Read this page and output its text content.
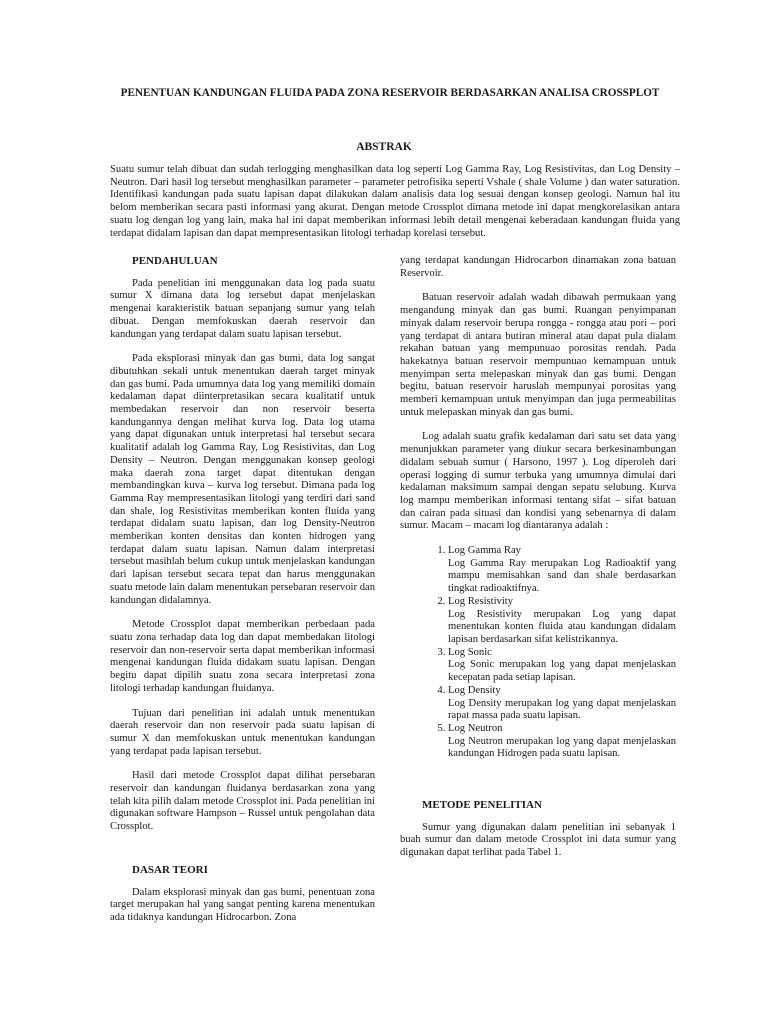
PENENTUAN KANDUNGAN FLUIDA PADA ZONA RESERVOIR BERDASARKAN ANALISA CROSSPLOT
ABSTRAK

Suatu sumur telah dibuat dan sudah terlogging menghasilkan data log seperti Log Gamma Ray, Log Resistivitas, dan Log Density – Neutron. Dari hasil log tersebut menghasilkan parameter – parameter petrofisika seperti Vshale ( shale Volume ) dan water saturation. Identifikasi kandungan pada suatu lapisan dapat dilakukan dalam analisis data log sesuai dengan konsep geologi. Namun hal itu belom memberikan secara pasti informasi yang akurat. Dengan metode Crossplot dimana metode ini dapat mengkorelasikan antara suatu log dengan log yang lain, maka hal ini dapat memberikan informasi lebih detail mengenai keberadaan kandungan fluida yang terdapat didalam lapisan dan dapat mempresentasikan litologi terhadap korelasi tersebut.

PENDAHULUAN

Pada penelitian ini menggunakan data log pada suatu sumur X dimana data log tersebut dapat menjelaskan mengenai karakteristik batuan sepanjang sumur yang telah dibuat. Dengan memfokuskan daerah reservoir dan kandungan yang terdapat dalam suatu lapisan tersebut.

Pada eksplorasi minyak dan gas bumi, data log sangat dibutuhkan sekali untuk menentukan daerah target minyak dan gas bumi. Pada umumnya data log yang memiliki domain kedalaman dapat diinterpretasikan secara kualitatif untuk membedakan reservoir dan non reservoir beserta kandungannya dengan melihat kurva log. Data log utama yang dapat digunakan untuk interpretasi hal tersebut secara kualitatif adalah log Gamma Ray, Log Resistivitas, dan Log Density – Neutron. Dengan menggunakan konsep geologi maka daerah zona target dapat ditentukan dengan membandingkan kuva – kurva log tersebut. Dimana pada log Gamma Ray mempresentasikan litologi yang terdiri dari sand dan shale, log Resistivitas memberikan konten fluida yang terdapat didalam suatu lapisan, dan log Density-Neutron memberikan konten densitas dan konten hidrogen yang terdapat dalam suatu lapisan. Namun dalam interpretasi tersebut masihlah belum cukup untuk menjelaskan kandungan dari lapisan tersebut secara tepat dan harus menggunakan suatu metode lain dalam menentukan persebaran reservoir dan kandungan didalamnya.

Metode Crossplot dapat memberikan perbedaan pada suatu zona terhadap data log dan dapat membedakan litologi reservoir dan non-reservoir serta dapat memberikan informasi mengenai kandungan fluida didakam suatu lapisan. Dengan begitu dapat dipilih suatu zona secara interpretasi zona litologi terhadap kandungan fluidanya.

Tujuan dari penelitian ini adalah untuk menentukan daerah reservoir dan non reservoir pada suatu lapisan di sumur X dan memfokuskan untuk menentukan kandungan yang terdapat pada lapisan tersebut.

Hasil dari metode Crossplot dapat dilihat persebaran reservoir dan kandungan fluidanya berdasarkan zona yang telah kita pilih dalam metode Crossplot ini. Pada penelitian ini digunakan software Hampson – Russel untuk pengolahan data Crossplot.

DASAR TEORI

Dalam eksplorasi minyak dan gas bumi, penentuan zona target merupakan hal yang sangat penting karena menentukan ada tidaknya kandungan Hidrocarbon. Zona

yang terdapat kandungan Hidrocarbon dinamakan zona batuan Reservoir.

Batuan reservoir adalah wadah dibawah permukaan yang mengandung minyak dan gas bumi. Ruangan penyimpanan minyak dalam reservoir berupa rongga - rongga atau pori – pori yang terdapat di antara butiran mineral atau dapat pula dialam rekahan batuan yang mempunuao porositas rendah. Pada hakekatnya batuan reservoir mempunuao kemampuan untuk menyimpan serta melepaskan minyak dan gas bumi. Dengan begitu, batuan reservoir haruslah mempunyai porositas yang memberi kemampuan untuk menyimpan dan juga permeabilitas untuk melepaskan minyak dan gas bumi.

Log adalah suatu grafik kedalaman dari satu set data yang menunjukkan parameter yang diukur secara berkesinambungan didalam sebuah sumur ( Harsono, 1997 ). Log diperoleh dari operasi logging di sumur terbuka yang umumnya dimulai dari kedalaman maksimum sampai dengan sepatu selubung. Kurva log mampu memberikan informasi tentang sifat – sifat batuan dan cairan pada situasi dan kondisi yang sebenarnya di dalam sumur. Macam – macam log diantaranya adalah :

1. Log Gamma Ray
Log Gamma Ray merupakan Log Radioaktif yang mampu memisahkan sand dan shale berdasarkan tingkat radioaktifnya.
2. Log Resistivity
Log Resistivity merupakan Log yang dapat menentukan konten fluida atau kandungan didalam lapisan berdasarkan sifat kelistrikannya.
3. Log Sonic
Log Sonic merupakan log yang dapat menjelaskan kecepatan pada setiap lapisan.
4. Log Density
Log Density merupakan log yang dapat menjelaskan rapat massa pada suatu lapisan.
5. Log Neutron
Log Neutron merupakan log yang dapat menjelaskan kandungan Hidrogen pada suatu lapisan.
METODE PENELITIAN

Sumur yang digunakan dalam penelitian ini sebanyak 1 buah sumur dan dalam metode Crossplot ini data sumur yang digunakan dapat terlihat pada Tabel 1.
